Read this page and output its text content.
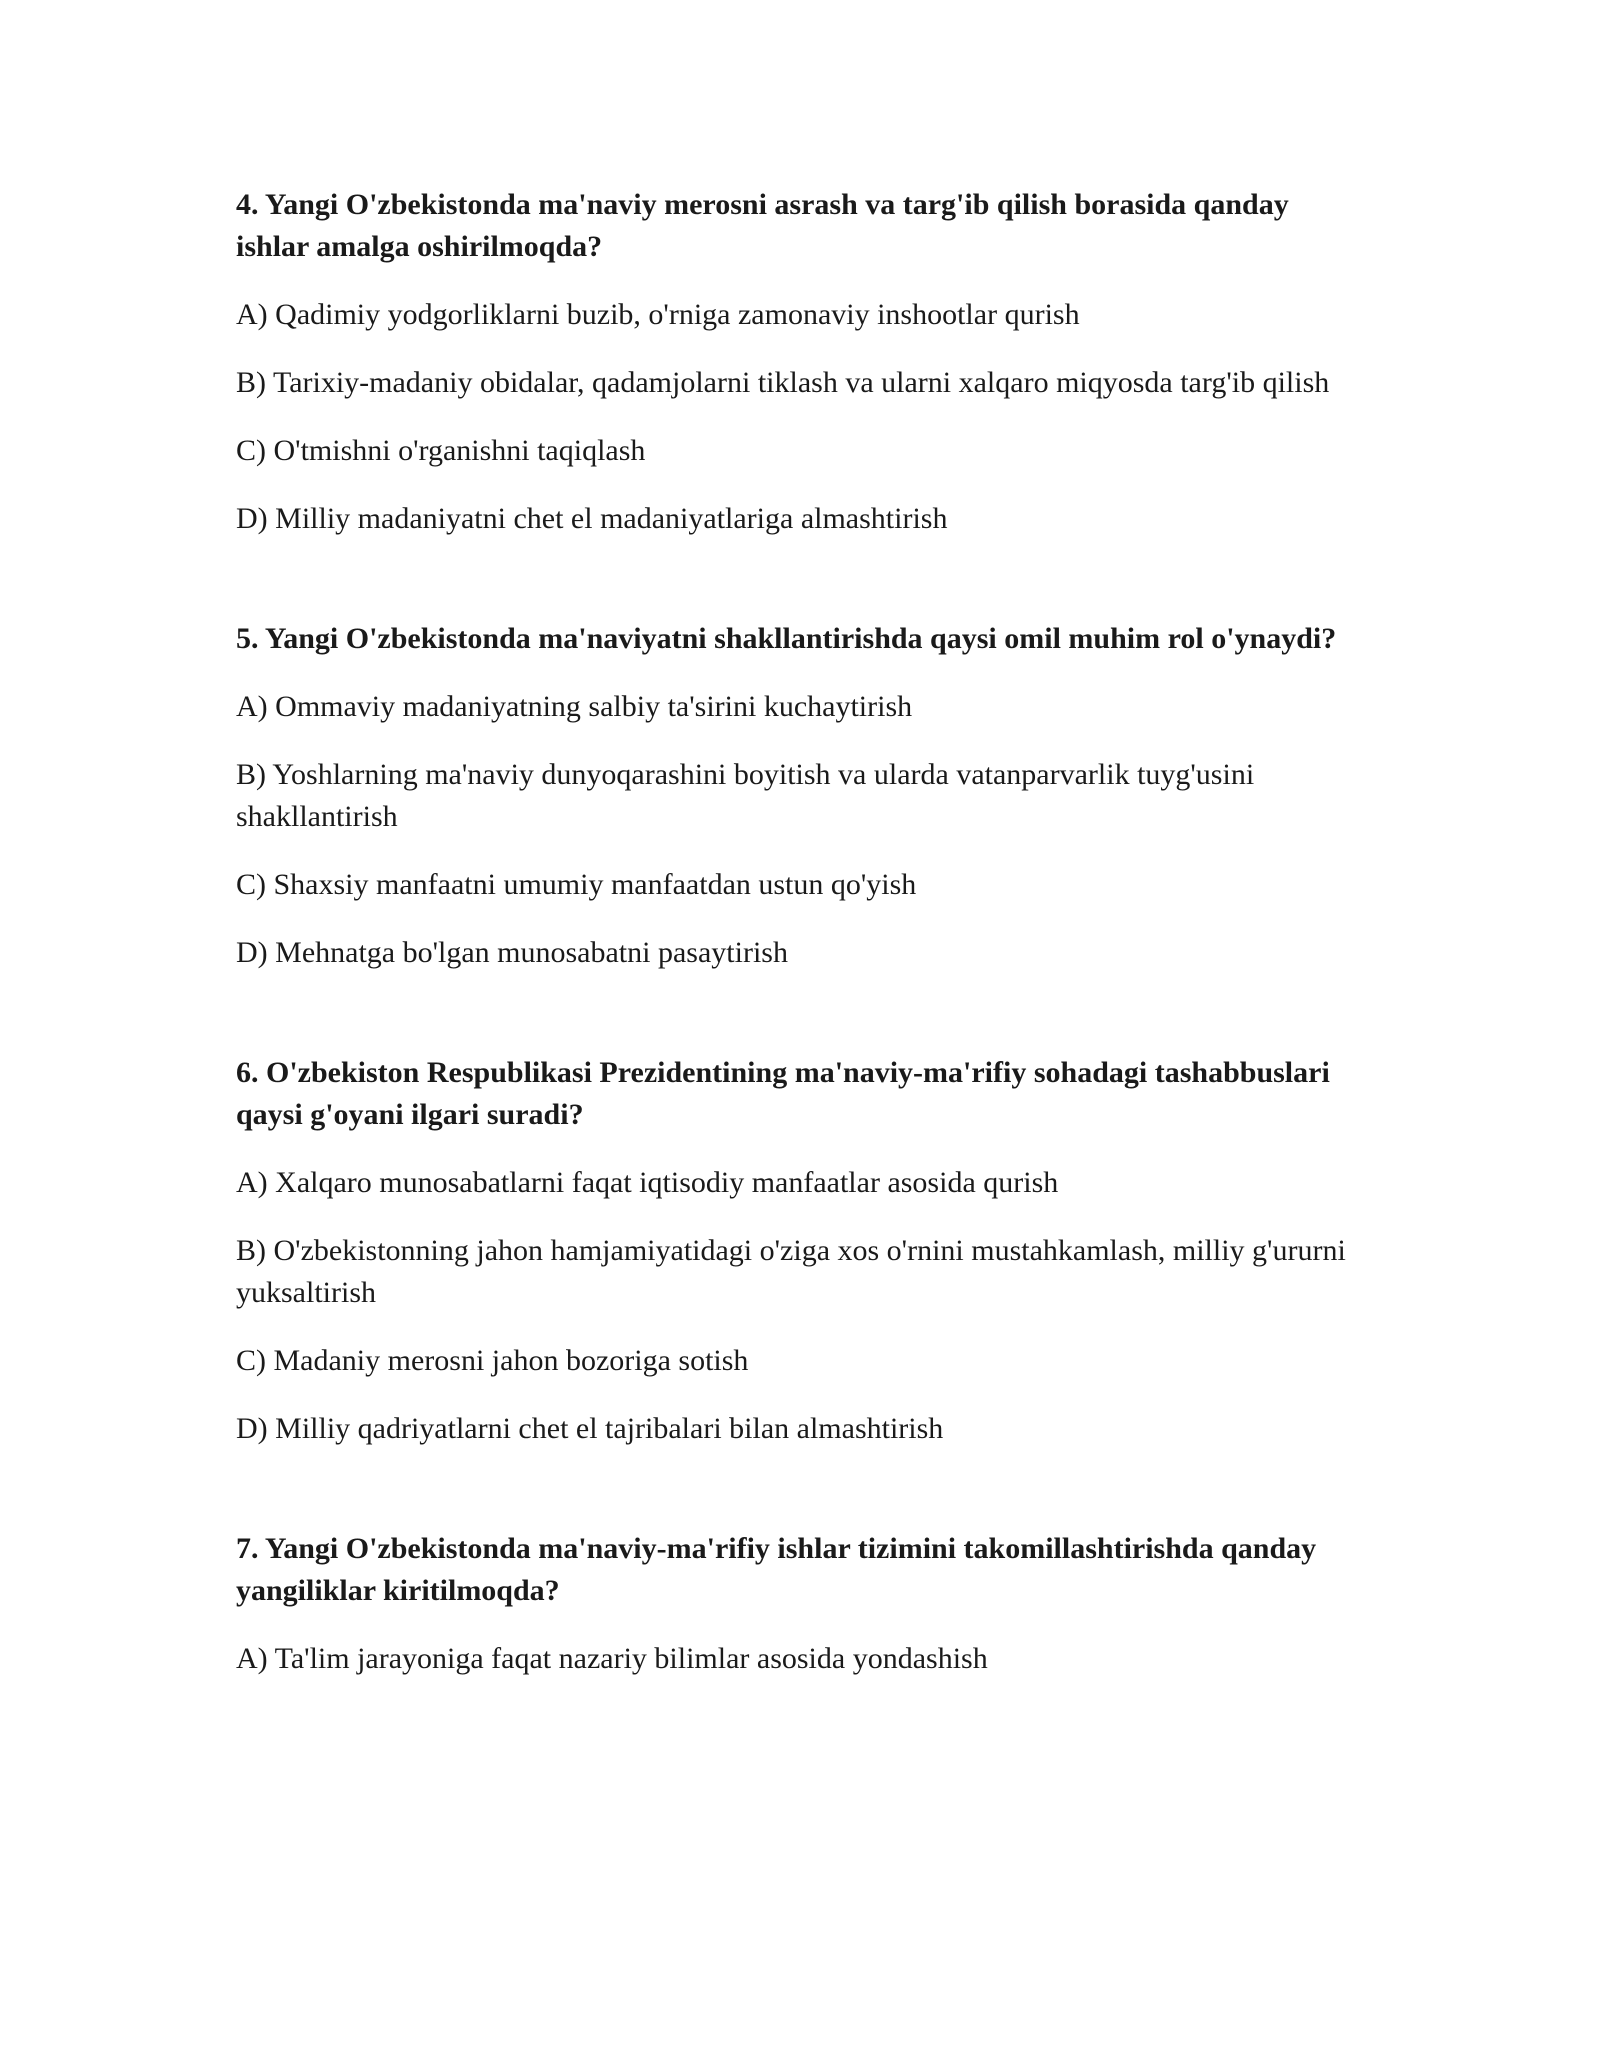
4. Yangi O'zbekistonda ma'naviy merosni asrash va targ'ib qilish borasida qanday ishlar amalga oshirilmoqda?
A) Qadimiy yodgorliklarni buzib, o'rniga zamonaviy inshootlar qurish
B) Tarixiy-madaniy obidalar, qadamjolarni tiklash va ularni xalqaro miqyosda targ'ib qilish
C) O'tmishni o'rganishni taqiqlash
D) Milliy madaniyatni chet el madaniyatlariga almashtirish
5. Yangi O'zbekistonda ma'naviyatni shakllantirishda qaysi omil muhim rol o'ynaydi?
A) Ommaviy madaniyatning salbiy ta'sirini kuchaytirish
B) Yoshlarning ma'naviy dunyoqarashini boyitish va ularda vatanparvarlik tuyg'usini shakllantirish
C) Shaxsiy manfaatni umumiy manfaatdan ustun qo'yish
D) Mehnatga bo'lgan munosabatni pasaytirish
6. O'zbekiston Respublikasi Prezidentining ma'naviy-ma'rifiy sohadagi tashabbuslari qaysi g'oyani ilgari suradi?
A) Xalqaro munosabatlarni faqat iqtisodiy manfaatlar asosida qurish
B) O'zbekistonning jahon hamjamiyatidagi o'ziga xos o'rnini mustahkamlash, milliy g'ururni yuksaltirish
C) Madaniy merosni jahon bozoriga sotish
D) Milliy qadriyatlarni chet el tajribalari bilan almashtirish
7. Yangi O'zbekistonda ma'naviy-ma'rifiy ishlar tizimini takomillashtirishda qanday yangiliklar kiritilmoqda?
A) Ta'lim jarayoniga faqat nazariy bilimlar asosida yondashish
